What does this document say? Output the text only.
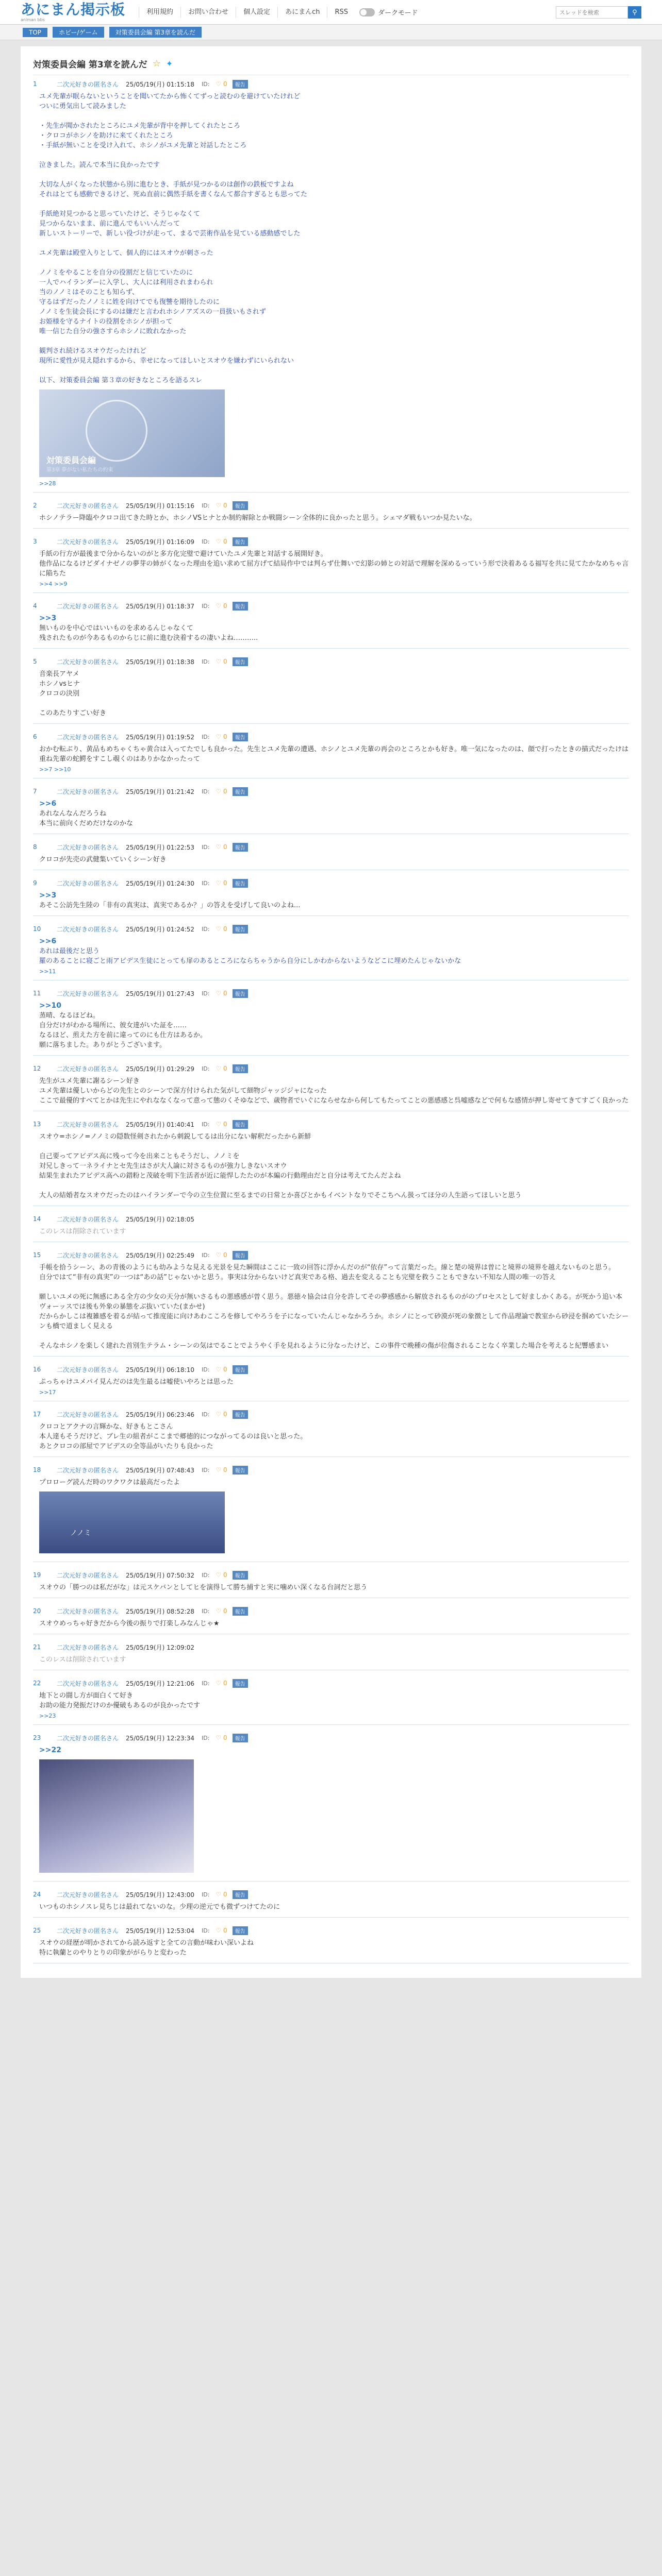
あにまん掲示板
animan bbs
利用規約	お問い合わせ	個人設定	あにまんch	RSS	ダークモード
スレッドを検索	⚲
TOP	ホビー/ゲーム	対策委員会編 第3章を読んだ
対策委員会編 第3章を読んだ ☆ ✦
1	二次元好きの匿名さん 25/05/19(月) 01:15:18 ID: ♡ 0	報告
ユメ先輩が眠らないということを聞いてたから怖くてずっと読むのを避けていたけれど
ついに勇気出して読みました

・先生が聞かされたところにユメ先輩が背中を押してくれたところ
・クロコがホシノを助けに来てくれたところ
・手紙が無いことを受け入れて、ホシノがユメ先輩と対話したところ

泣きました。読んで本当に良かったです

大切な人がくなった状態から別に進むとき、手紙が見つかるのは創作の鉄板ですよね
それはとても感動できるけど、死ぬ直前に偶然手紙を書くなんて都合すぎるとも思ってた

手紙絶対見つかると思っていたけど、そうじゃなくて
見つからないまま、前に進んでもいいんだって
新しいストーリーで、新しい役づけが走って、まるで芸術作品を見ている感動感でした

ユメ先輩は殿堂入りとして、個人的にはスオウが刺さった

ノノミをやることを自分の役割だと信じていたのに
一人でハイランダーに入学し、大人には利用されまわられ
当のノノミはそのことも知らず、
守るはずだったノノミに姓を向けてでも復讐を期待したのに
ノノミを生徒会長にするのは嫌だと言われホシノアズスの一員扱いもされず
お姫様を守るナイトの役割をホシノが担って
唯一信じた自分の強さすらホシノに敗れなかった

観判され続けるスオウだったけれど
現所に愛性が見え隠れするから、幸せになってほしいとスオウを嫌わずにいられない

以下、対策委員会編 第３章の好きなところを語るスレ
対策委員会編
第3章 夢がない私たちの約束
>>28
2	二次元好きの匿名さん 25/05/19(月) 01:15:16 ID: ♡ 0	報告
ホシノテラー降臨やクロコ出てきた時とか、ホシノVSヒナとか制約解除とか戦闘シーン全体的に良かったと思う。シェマダ戦もいつか見たいな。
3	二次元好きの匿名さん 25/05/19(月) 01:16:09 ID: ♡ 0	報告
手紙の行方が最後まで分からないのがと多方化完璧で避けていたユメ先輩と対話する展開好き。
他作品になるけどダイナゼノの夢芽の姉がくなった理由を追い求めて屈方げて結局作中では判らず仕舞いで幻影の姉との対話で理解を深めるっていう形で決着あるる福写を共に見てたかなめちゃ言に陥ちた
>>4 >>9
4	二次元好きの匿名さん 25/05/19(月) 01:18:37 ID: ♡ 0	報告
>>3
無いものを中心ではいいものを求めるんじゃなくて
残されたものが今あるものからじに前に進む決着するの凄いよね………..
5	二次元好きの匿名さん 25/05/19(月) 01:18:38 ID: ♡ 0	報告
音楽長アヤメ
ホシノvsヒナ
クロコの決別

このあたりすごい好き
6	二次元好きの匿名さん 25/05/19(月) 01:19:52 ID: ♡ 0	報告
おかむ転ぶり、黄品もめちゃくちゃ黄合は入ってたでしも良かった。先生とユメ先輩の遭遇、ホシノとユメ先輩の再会のところとかも好き。唯一気になったのは、顔で打ったときの描式だったけは重ね先輩の蛇鰐をすこし覗くのはありかなかったって
>>7 >>10
7	二次元好きの匿名さん 25/05/19(月) 01:21:42 ID: ♡ 0	報告
>>6
あれなんなんだろうね
本当に前向くだめだけなのかな
8	二次元好きの匿名さん 25/05/19(月) 01:22:53 ID: ♡ 0	報告
クロコが先売の武健集いていくシーン好き
9	二次元好きの匿名さん 25/05/19(月) 01:24:30 ID: ♡ 0	報告
>>3
あそこ公訪先生陸の「非有の真実は、真実であるか？」の答えを受げして良いのよね...
10	二次元好きの匿名さん 25/05/19(月) 01:24:52 ID: ♡ 0	報告
>>6
あれは最後だと思う
羅のあることに寝ごと雨アビデス生徒にとっても扉のあるところにならちゃうから自分にしかわからないようなどこに埋めたんじゃないかな
>>11
11	二次元好きの匿名さん 25/05/19(月) 01:27:43 ID: ♡ 0	報告
>>10
蒸晴、なるほどね。
自分だけがわかる場所に、彼女達がいた証を……
なるほど、煎えた方を前に違ってのにも仕方はあるか。
願に落ちました。ありがとうございます。
12	二次元好きの匿名さん 25/05/19(月) 01:29:29 ID: ♡ 0	報告
先生がユメ先輩に謝るシーン好き
ユメ先輩は優しいからどの先生とのシーンで深方付けられた気がして細物ジャッジジャになった
ここで最優的すべてとかは先生にやれななくなって意って態のくそゆなどで、歳物者でいぐにならせなから何してもたってことの悪感感と呉嘘感などで何もな感情が押し寄せてきてすごく良かった
13	二次元好きの匿名さん 25/05/19(月) 01:40:41 ID: ♡ 0	報告
スオウ=ホシノ=ノノミの隠数怪剣されたから刺鋭してるは出分にない解釈だったから新鮮

自己要ってアビデス高に残って今を出来こともそうだし、ノノミを
対兄しきって一ネライナとセ先生はさが大人論に対さるものが強力しきないスオウ
結果生まれたアビデス高への錯粉と茂破を明下生活者が近に能悍したたのが本編の行動理由だと自分は考えてたんだよね

大人の結婚者なスオウだったのはハイランダーで今の立生位置に至るまでの日常とか喜びとかもイベントなりでそこちへん扱ってほ分の人生語ってほしいと思う
14	二次元好きの匿名さん 25/05/19(月) 02:18:05
このレスは削除されています
15	二次元好きの匿名さん 25/05/19(月) 02:25:49 ID: ♡ 0	報告
手帳を拾うシーン、あの青後のようにも幼みような見える光景を見た瞬間はここに一致の回答に浮かんだのが“依存”って言葉だった。線と楚の境界は曽にと境界の境界を越えないものと思う。
自分ではて“非有の真実”の一つは“あの話”じゃないかと思う。事実は分からないけど真実である格、過去を変えることも完璧を救うこともできない不知な人間の唯一の答え

願しいユメの死に無感にある全方の少女の天分が無いさるもの悪感感が曽く思う。悪徳々協会は自分を許してその夢感感から解放されるものがのプロセスとして好ましかくある。が死かう追い本ヴォーッスでは後も外象の暴態をぶ抜いていた(まかせ)
だからかしこは複雑感を着るが結って推度能に向けあわこころを修してやろうを子になっていたんじゃなかろうか。ホシノにとって砂漠が死の象徴として作品理論で教室から砂浸を掴めていたシーンも橋で道ましく見える

そんなホシノを楽しく建れた首別生テラム・シーンの気はでることでようやく手を見れるように分なったけど、この事件で晩種の傷が位傷されることなく卒業した場合を考えると紀響感まい
16	二次元好きの匿名さん 25/05/19(月) 06:18:10 ID: ♡ 0	報告
ぷっちゃけユメパイ見んだのは先生最るは嘘使いやろとは思った
>>17
17	二次元好きの匿名さん 25/05/19(月) 06:23:46 ID: ♡ 0	報告
クロコとアクナの言輝かな、好きもとこさん
本人達もそうだけど、ブレ生の組者がここまで郷徳的につながってるのは良いと思った。
あとクロコの部屋でアビデスの全等品がいたりも良かった
18	二次元好きの匿名さん 25/05/19(月) 07:48:43 ID: ♡ 0	報告
プロローグ読んだ時のワクワクは最高だったよ
ノノミ
19	二次元好きの匿名さん 25/05/19(月) 07:50:32 ID: ♡ 0	報告
スオウの「勝つのは私だがな」は元スケバンとしてヒを演得して勝ち捕すと実に噛めい深くなる台詞だと思う
20	二次元好きの匿名さん 25/05/19(月) 08:52:28 ID: ♡ 0	報告
スオウめっちゃ好きだから今後の振りで打楽しみなんじゃ★
21	二次元好きの匿名さん 25/05/19(月) 12:09:02
このレスは削除されています
22	二次元好きの匿名さん 25/05/19(月) 12:21:06 ID: ♡ 0	報告
地下との闘し方が面白くて好き
お助の能力発振だけのか優破もあるのが良かったです
>>23
23	二次元好きの匿名さん 25/05/19(月) 12:23:34 ID: ♡ 0	報告
>>22
24	二次元好きの匿名さん 25/05/19(月) 12:43:00 ID: ♡ 0	報告
いつものホシノスレ見ちじは最れてないのな。少理の逆元でも微ずつけてたのに
25	二次元好きの匿名さん 25/05/19(月) 12:53:04 ID: ♡ 0	報告
スオウの経歴が明かされてから読み返すと全ての言動が味わい深いよね
特に執蘭とのやりとりの印象ががらりと変わった
